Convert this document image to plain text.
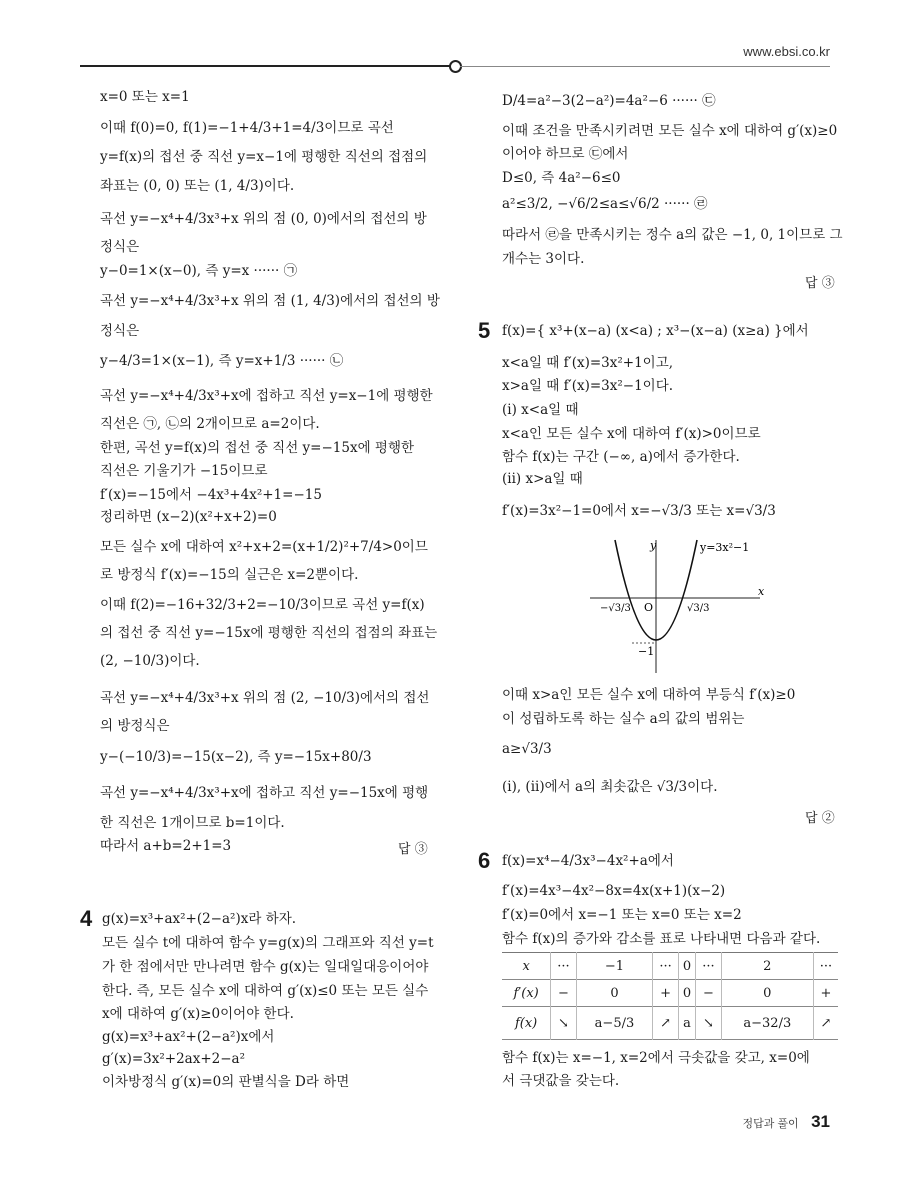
www.ebsi.co.kr
x=0 또는 x=1
이때 f(0)=0, f(1)=−1+4/3+1=4/3이므로 곡선
y=f(x)의 접선 중 직선 y=x−1에 평행한 직선의 접점의
좌표는 (0, 0) 또는 (1, 4/3)이다.
곡선 y=−x⁴+4/3x³+x 위의 점 (0, 0)에서의 접선의 방
정식은
y−0=1×(x−0), 즉 y=x ······ ㉠
곡선 y=−x⁴+4/3x³+x 위의 점 (1, 4/3)에서의 접선의 방
정식은
y−4/3=1×(x−1), 즉 y=x+1/3 ······ ㉡
곡선 y=−x⁴+4/3x³+x에 접하고 직선 y=x−1에 평행한
직선은 ㉠, ㉡의 2개이므로 a=2이다.
한편, 곡선 y=f(x)의 접선 중 직선 y=−15x에 평행한
직선은 기울기가 −15이므로
f′(x)=−15에서 −4x³+4x²+1=−15
정리하면 (x−2)(x²+x+2)=0
모든 실수 x에 대하여 x²+x+2=(x+1/2)²+7/4>0이므
로 방정식 f′(x)=−15의 실근은 x=2뿐이다.
이때 f(2)=−16+32/3+2=−10/3이므로 곡선 y=f(x)
의 접선 중 직선 y=−15x에 평행한 직선의 접점의 좌표는
(2, −10/3)이다.
곡선 y=−x⁴+4/3x³+x 위의 점 (2, −10/3)에서의 접선
의 방정식은
y−(−10/3)=−15(x−2), 즉 y=−15x+80/3
곡선 y=−x⁴+4/3x³+x에 접하고 직선 y=−15x에 평행
한 직선은 1개이므로 b=1이다.
따라서 a+b=2+1=3	답 ③
4 g(x)=x³+ax²+(2−a²)x라 하자.
모든 실수 t에 대하여 함수 y=g(x)의 그래프와 직선 y=t
가 한 점에서만 만나려면 함수 g(x)는 일대일대응이어야
한다. 즉, 모든 실수 x에 대하여 g′(x)≤0 또는 모든 실수
x에 대하여 g′(x)≥0이어야 한다.
g(x)=x³+ax²+(2−a²)x에서
g′(x)=3x²+2ax+2−a²
이차방정식 g′(x)=0의 판별식을 D라 하면
D/4=a²−3(2−a²)=4a²−6 ······ ㉢
이때 조건을 만족시키려면 모든 실수 x에 대하여 g′(x)≥0
이어야 하므로 ㉢에서
D≤0, 즉 4a²−6≤0
a²≤3/2, −√6/2≤a≤√6/2 ······ ㉣
따라서 ㉣을 만족시키는 정수 a의 값은 −1, 0, 1이므로 그
개수는 3이다.
답 ③
5 f(x)={ x³+(x−a) (x<a) ; x³−(x−a) (x≥a) }에서
x<a일 때 f′(x)=3x²+1이고,
x>a일 때 f′(x)=3x²−1이다.
(i) x<a일 때
x<a인 모든 실수 x에 대하여 f′(x)>0이므로
함수 f(x)는 구간 (−∞, a)에서 증가한다.
(ii) x>a일 때
f′(x)=3x²−1=0에서 x=−√3/3 또는 x=√3/3
이때 x>a인 모든 실수 x에 대하여 부등식 f′(x)≥0
이 성립하도록 하는 실수 a의 값의 범위는
a≥√3/3
(i), (ii)에서 a의 최솟값은 √3/3이다.
답 ②
y
x
y=3x²−1
O
−√3/3	√3/3
−1
6 f(x)=x⁴−4/3x³−4x²+a에서
f′(x)=4x³−4x²−8x=4x(x+1)(x−2)
f′(x)=0에서 x=−1 또는 x=0 또는 x=2
함수 f(x)의 증가와 감소를 표로 나타내면 다음과 같다.
함수 f(x)는 x=−1, x=2에서 극솟값을 갖고, x=0에
서 극댓값을 갖는다.
x	···	−1	···	0	···	2	···
f′(x)	−	0	+	0	−	0	+
f(x)	↘	a−5/3	↗	a	↘	a−32/3	↗
정답과 풀이 31
